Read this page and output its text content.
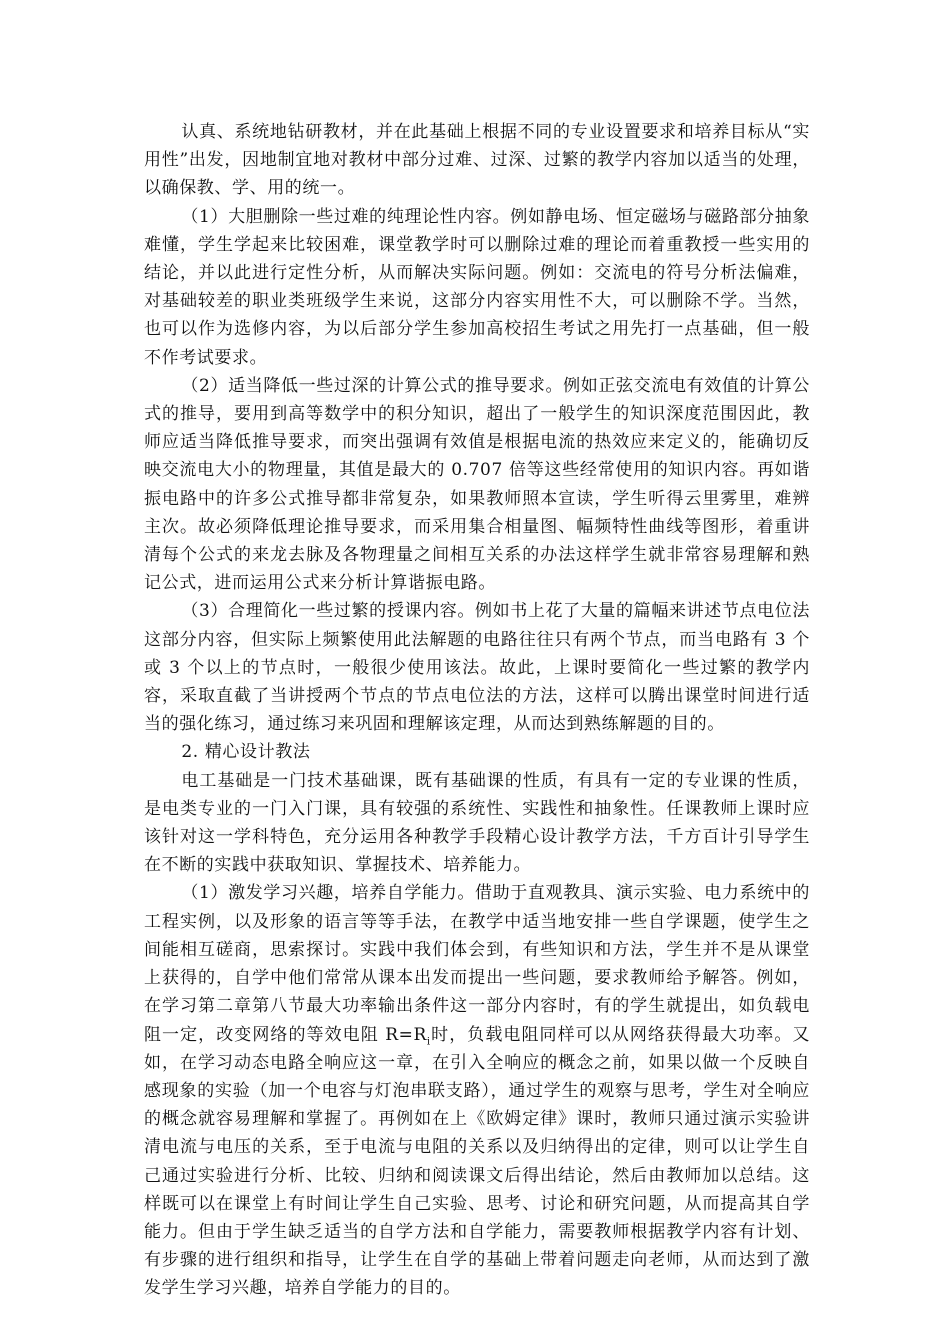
认真、系统地钻研教材，并在此基础上根据不同的专业设置要求和培养目标从“实用性”出发，因地制宜地对教材中部分过难、过深、过繁的教学内容加以适当的处理，以确保教、学、用的统一。

（1）大胆删除一些过难的纯理论性内容。例如静电场、恒定磁场与磁路部分抽象难懂，学生学起来比较困难，课堂教学时可以删除过难的理论而着重教授一些实用的结论，并以此进行定性分析，从而解决实际问题。例如：交流电的符号分析法偏难，对基础较差的职业类班级学生来说，这部分内容实用性不大，可以删除不学。当然，也可以作为选修内容，为以后部分学生参加高校招生考试之用先打一点基础，但一般不作考试要求。

（2）适当降低一些过深的计算公式的推导要求。例如正弦交流电有效值的计算公式的推导，要用到高等数学中的积分知识，超出了一般学生的知识深度范围因此，教师应适当降低推导要求，而突出强调有效值是根据电流的热效应来定义的，能确切反映交流电大小的物理量，其值是最大的 0.707 倍等这些经常使用的知识内容。再如谐振电路中的许多公式推导都非常复杂，如果教师照本宣读，学生听得云里雾里，难辨主次。故必须降低理论推导要求，而采用集合相量图、幅频特性曲线等图形，着重讲清每个公式的来龙去脉及各物理量之间相互关系的办法这样学生就非常容易理解和熟记公式，进而运用公式来分析计算谐振电路。

（3）合理简化一些过繁的授课内容。例如书上花了大量的篇幅来讲述节点电位法这部分内容，但实际上频繁使用此法解题的电路往往只有两个节点，而当电路有 3 个或 3 个以上的节点时，一般很少使用该法。故此，上课时要简化一些过繁的教学内容，采取直截了当讲授两个节点的节点电位法的方法，这样可以腾出课堂时间进行适当的强化练习，通过练习来巩固和理解该定理，从而达到熟练解题的目的。

2. 精心设计教法

电工基础是一门技术基础课，既有基础课的性质，有具有一定的专业课的性质，是电类专业的一门入门课，具有较强的系统性、实践性和抽象性。任课教师上课时应该针对这一学科特色，充分运用各种教学手段精心设计教学方法，千方百计引导学生在不断的实践中获取知识、掌握技术、培养能力。

（1）激发学习兴趣，培养自学能力。借助于直观教具、演示实验、电力系统中的工程实例，以及形象的语言等等手法，在教学中适当地安排一些自学课题，使学生之间能相互磋商，思索探讨。实践中我们体会到，有些知识和方法，学生并不是从课堂上获得的，自学中他们常常从课本出发而提出一些问题，要求教师给予解答。例如，在学习第二章第八节最大功率输出条件这一部分内容时，有的学生就提出，如负载电阻一定，改变网络的等效电阻 $R=R_i$时，负载电阻同样可以从网络获得最大功率。又如，在学习动态电路全响应这一章，在引入全响应的概念之前，如果以做一个反映自感现象的实验（加一个电容与灯泡串联支路），通过学生的观察与思考，学生对全响应的概念就容易理解和掌握了。再例如在上《欧姆定律》课时，教师只通过演示实验讲清电流与电压的关系，至于电流与电阻的关系以及归纳得出的定律，则可以让学生自己通过实验进行分析、比较、归纳和阅读课文后得出结论，然后由教师加以总结。这样既可以在课堂上有时间让学生自己实验、思考、讨论和研究问题，从而提高其自学能力。但由于学生缺乏适当的自学方法和自学能力，需要教师根据教学内容有计划、有步骤的进行组织和指导，让学生在自学的基础上带着问题走向老师，从而达到了激发学生学习兴趣，培养自学能力的目的。
